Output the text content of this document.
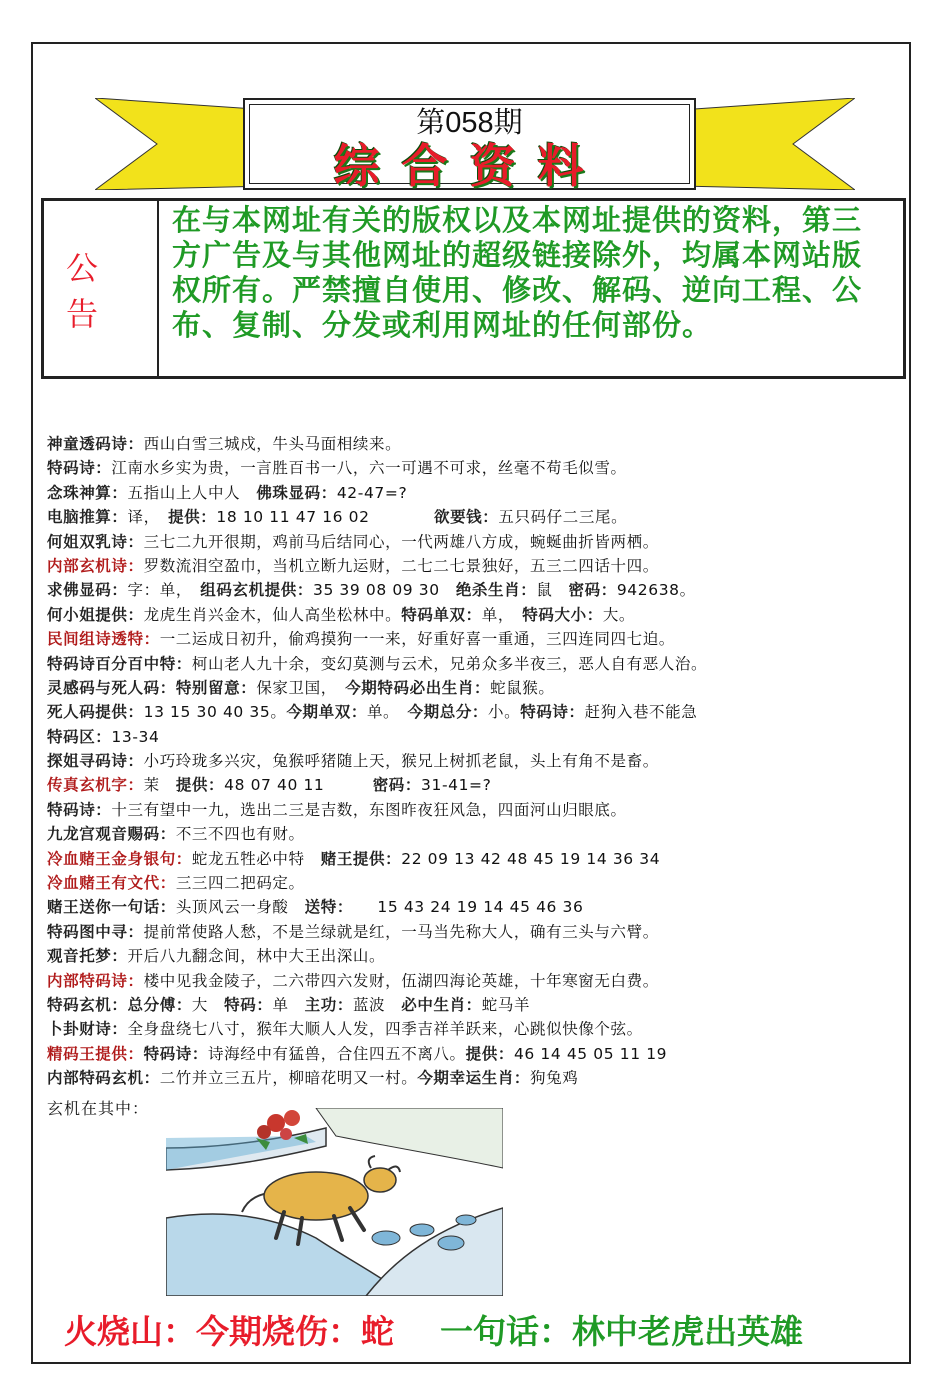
第058期
综合资料
公告
在与本网址有关的版权以及本网址提供的资料，第三方广告及与其他网址的超级链接除外，均属本网站版权所有。严禁擅自使用、修改、解码、逆向工程、公布、复制、分发或利用网址的任何部份。
神童透码诗：西山白雪三城戍，牛头马面相续来。
特码诗：江南水乡实为贵，一言胜百书一八，六一可遇不可求，丝毫不苟毛似雪。
念珠神算：五指山上人中人　佛珠显码：42-47=?
电脑推算：译，　提供：18 10 11 47 16 02　　　　欲要钱：五只码仔二三尾。
何姐双乳诗：三七二九开很期，鸡前马后结同心，一代两雄八方成，蜿蜒曲折皆两栖。
内部玄机诗：罗数流泪空盈巾，当机立断九运财，二七二七景独好，五三二四话十四。
求佛显码：字：单，　组码玄机提供：35 39 08 09 30　绝杀生肖：鼠　密码：942638。
何小姐提供：龙虎生肖兴金木，仙人高坐松林中。特码单双：单，　特码大小：大。
民间组诗透特：一二运成日初升，偷鸡摸狗一一来，好重好喜一重通，三四连同四七迫。
特码诗百分百中特：柯山老人九十余，变幻莫测与云术，兄弟众多半夜三，恶人自有恶人治。
灵感码与死人码：特别留意：保家卫国，　今期特码必出生肖：蛇鼠猴。
死人码提供：13 15 30 40 35。今期单双：单。　今期总分：小。特码诗：赶狗入巷不能急
特码区：13-34
探姐寻码诗：小巧玲珑多兴灾，兔猴呼猪随上天，猴兄上树抓老鼠，头上有角不是畜。
传真玄机字：茉　提供：48 07 40 11　　　密码：31-41=?
特码诗：十三有望中一九，选出二三是吉数，东图昨夜狂风急，四面河山归眼底。
九龙宫观音赐码：不三不四也有财。
冷血赌王金身银句：蛇龙五牲必中特　赌王提供：22 09 13 42 48 45 19 14 36 34
冷血赌王有文代：三三四二把码定。
赌王送你一句话：头顶风云一身酸　送特：　　15 43 24 19 14 45 46 36
特码图中寻：提前常使路人愁，不是兰绿就是红，一马当先称大人，确有三头与六臂。
观音托梦：开后八九翻念间，林中大王出深山。
内部特码诗：楼中见我金陵子，二六带四六发财，伍湖四海论英雄，十年寒窗无白费。
特码玄机：总分傅：大　特码：单　主功：蓝波　必中生肖：蛇马羊
卜卦财诗：全身盘绕七八寸，猴年大顺人人发，四季吉祥羊跃来，心跳似快像个弦。
精码王提供：特码诗：诗海经中有猛兽，合住四五不离八。提供：46 14 45 05 11 19
内部特码玄机：二竹并立三五片，柳暗花明又一村。今期幸运生肖：狗兔鸡
玄机在其中：
火烧山：今期烧伤：蛇 一句话：林中老虎出英雄
